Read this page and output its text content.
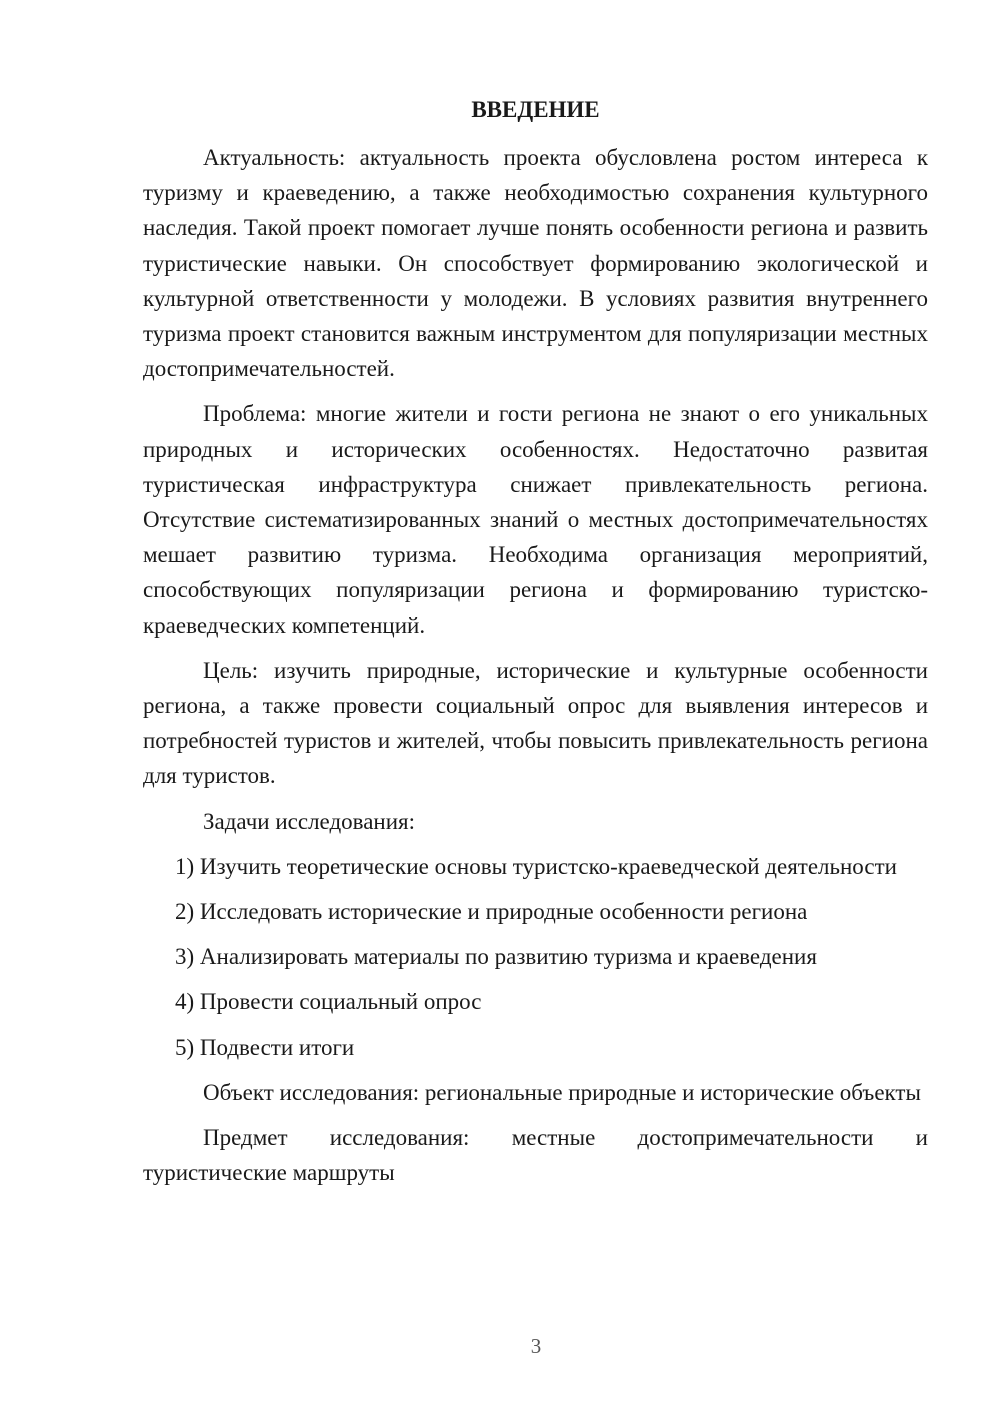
ВВЕДЕНИЕ

Актуальность: актуальность проекта обусловлена ростом интереса к туризму и краеведению, а также необходимостью сохранения культурного наследия. Такой проект помогает лучше понять особенности региона и развить туристические навыки. Он способствует формированию экологической и культурной ответственности у молодежи. В условиях развития внутреннего туризма проект становится важным инструментом для популяризации местных достопримечательностей.

Проблема: многие жители и гости региона не знают о его уникальных природных и исторических особенностях. Недостаточно развитая туристическая инфраструктура снижает привлекательность региона. Отсутствие систематизированных знаний о местных достопримечательностях мешает развитию туризма. Необходима организация мероприятий, способствующих популяризации региона и формированию туристско-краеведческих компетенций.

Цель: изучить природные, исторические и культурные особенности региона, а также провести социальный опрос для выявления интересов и потребностей туристов и жителей, чтобы повысить привлекательность региона для туристов.

Задачи исследования:

1) Изучить теоретические основы туристско-краеведческой деятельности

2) Исследовать исторические и природные особенности региона

3) Анализировать материалы по развитию туризма и краеведения

4) Провести социальный опрос

5) Подвести итоги

Объект исследования: региональные природные и исторические объекты

Предмет исследования: местные достопримечательности и туристические маршруты

3
